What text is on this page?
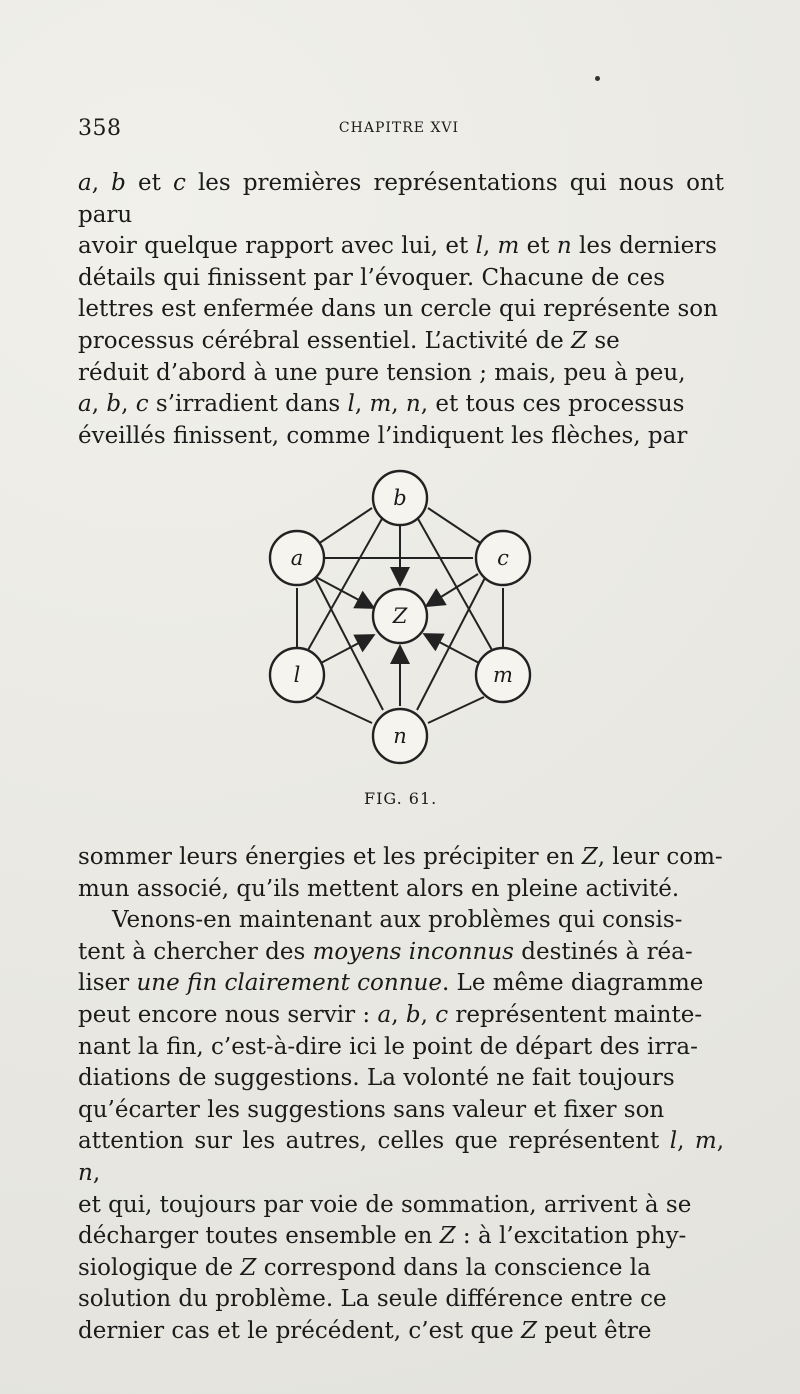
358	CHAPITRE XVI

a, b et c les premières représentations qui nous ont paru

avoir quelque rapport avec lui, et l, m et n les derniers

détails qui finissent par l’évoquer. Chacune de ces

lettres est enfermée dans un cercle qui représente son

processus cérébral essentiel. L’activité de Z se

réduit d’abord à une pure tension ; mais, peu à peu,

a, b, c s’irradient dans l, m, n, et tous ces processus

éveillés finissent, comme l’indiquent les flèches, par

b
a	c
Z
l	m
n
FIG. 61.

sommer leurs énergies et les précipiter en Z, leur com-

mun associé, qu’ils mettent alors en pleine activité.

Venons-en maintenant aux problèmes qui consis-

tent à chercher des moyens inconnus destinés à réa-

liser une fin clairement connue. Le même diagramme

peut encore nous servir : a, b, c représentent mainte-

nant la fin, c’est-à-dire ici le point de départ des irra-

diations de suggestions. La volonté ne fait toujours

qu’écarter les suggestions sans valeur et fixer son

attention sur les autres, celles que représentent l, m, n,

et qui, toujours par voie de sommation, arrivent à se

décharger toutes ensemble en Z : à l’excitation phy-

siologique de Z correspond dans la conscience la

solution du problème. La seule différence entre ce

dernier cas et le précédent, c’est que Z peut être
